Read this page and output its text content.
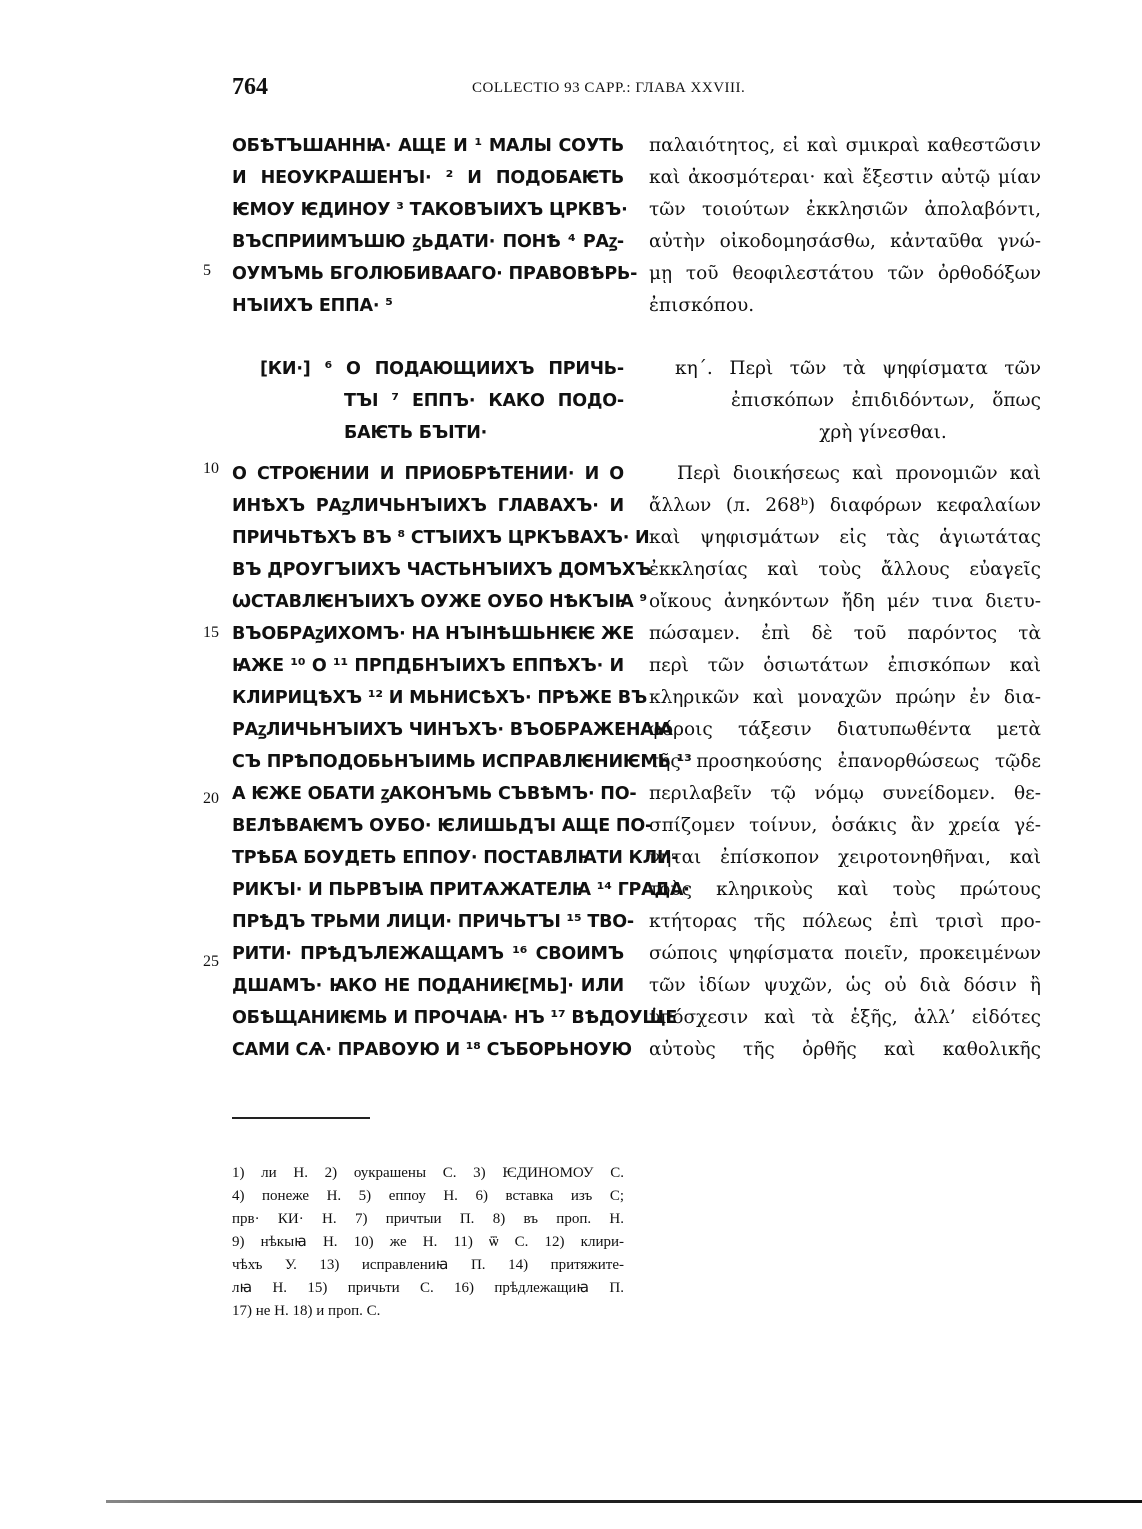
764	COLLECTIO 93 CAPP.: ГЛАВА XXVIII.
5
10
15
20
25
ОБѢТЪШАННꙖ· АЩЕ И ¹ МАЛЫ СОУТЬ
И НЕОУКРАШЕНЪІ· ² И ПОДОБАѤТЬ
ѤМОУ ѤДИНОУ ³ ТАКОВЪІИХЪ ЦРКВЪ·
ВЪСПРИИМЪШЮ ꙁЬДАТИ· ПОНѢ ⁴ РАꙁ-
ОУМЪМЬ БГОЛЮБИВААГО· ПРАВОВѢРЬ-
НЪІИХЪ ЕППА· ⁵
[КИ·] ⁶ О ПОДАЮЩИИХЪ ПРИЧЬ-
ТЪІ ⁷ ЕППЪ· КАКО ПОДО-
БАѤТЬ БЪІТИ·
О СТРОѤНИИ И ПРИОБРѢТЕНИИ· И О
ИНѢХЪ РАꙁЛИЧЬНЪІИХЪ ГЛАВАХЪ· И
ПРИЧЬТѢХЪ ВЪ ⁸ СТЪІИХЪ ЦРКЪВАХЪ· И
ВЪ ДРОУГЪІИХЪ ЧАСТЬНЪІИХЪ ДОМЪХЪ
ѠСТАВЛѤНЪІИХЪ ОУЖЕ ОУБО НѢКЪІꙖ ⁹
ВЪОБРАꙁИХОМЪ· НА НЪІНѢШЬНѤѤ ЖЕ
ꙖЖЕ ¹⁰ О ¹¹ ПРПДБНЪІИХЪ ЕППѢХЪ· И
КЛИРИЦѢХЪ ¹² И МЬНИСѢХЪ· ПРѢЖЕ ВЪ
РАꙁЛИЧЬНЪІИХЪ ЧИНЪХЪ· ВЪОБРАЖЕНАꙖ
СЪ ПРѢПОДОБЬНЪІИМЬ ИСПРАВЛѤНИѤМЬ ¹³
А ѤЖЕ ОБАТИ ꙁАКОНЪМЬ СЪВѢМЪ· ПО-
ВЕЛѢВАѤМЪ ОУБО· ѤЛИШЬДЪІ АЩЕ ПО-
ТРѢБА БОУДЕТЬ ЕППОУ· ПОСТАВЛꙖТИ КЛИ-
РИКЪІ· И ПЬРВЪІꙖ ПРИТѦЖАТЕЛꙖ ¹⁴ ГРАДА·
ПРѢДЪ ТРЬМИ ЛИЦИ· ПРИЧЬТЪІ ¹⁵ ТВО-
РИТИ· ПРѢДЪЛЕЖАЩАМЪ ¹⁶ СВОИМЪ
ДШАМЪ· ꙖКО НЕ ПОДАНИѤ[МЬ]· ИЛИ
ОБѢЩАНИѤМЬ И ПРОЧАꙖ· НЪ ¹⁷ ВѢДОУЩЕ
САМИ СѦ· ПРАВОУЮ И ¹⁸ СЪБОРЬНОУЮ
παλαιότητος, εἰ καὶ σμικραὶ καθεστῶσιν
καὶ ἀκοσμότεραι· καὶ ἔξεστιν αὐτῷ μίαν
τῶν τοιούτων ἐκκλησιῶν ἀπολαβόντι,
αὐτὴν οἰκοδομησάσθω, κἀνταῦθα γνώ-
μῃ τοῦ θεοφιλεστάτου τῶν ὀρθοδόξων
ἐπισκόπου.
κη΄. Περὶ τῶν τὰ ψηφίσματα τῶν
ἐπισκόπων ἐπιδιδόντων, ὅπως
χρὴ γίνεσθαι.
Περὶ διοικήσεως καὶ προνομιῶν καὶ
ἄλλων (л. 268ᵇ) διαφόρων κεφαλαίων
καὶ ψηφισμάτων εἰς τὰς ἁγιωτάτας
ἐκκλησίας καὶ τοὺς ἄλλους εὐαγεῖς
οἴκους ἀνηκόντων ἤδη μέν τινα διετυ-
πώσαμεν. ἐπὶ δὲ τοῦ παρόντος τὰ
περὶ τῶν ὁσιωτάτων ἐπισκόπων καὶ
κληρικῶν καὶ μοναχῶν πρώην ἐν δια-
φόροις τάξεσιν διατυπωθέντα μετὰ
τῆς προσηκούσης ἐπανορθώσεως τῷδε
περιλαβεῖν τῷ νόμῳ συνείδομεν. θε-
σπίζομεν τοίνυν, ὁσάκις ἂν χρεία γέ-
νηται ἐπίσκοπον χειροτονηθῆναι, καὶ
τοὺς κληρικοὺς καὶ τοὺς πρώτους
κτήτορας τῆς πόλεως ἐπὶ τρισὶ προ-
σώποις ψηφίσματα ποιεῖν, προκειμένων
τῶν ἰδίων ψυχῶν, ὡς οὐ διὰ δόσιν ἢ
ὑπόσχεσιν καὶ τὰ ἑξῆς, ἀλλ’ εἰδότες
αὐτοὺς τῆς ὀρθῆς καὶ καθολικῆς
1) ли H. 2) оукрашены C. 3) ѤДИНОМОУ C.
4) понеже H. 5) еппоу H. 6) вставка изъ C;
прв· КИ· H. 7) причтыи П. 8) въ проп. H.
9) нѣкыꙗ H. 10) же H. 11) ѿ C. 12) клири-
чѣхъ У. 13) исправлениꙗ П. 14) притяжите-
лꙗ H. 15) причьти C. 16) прѣдлежащиꙗ П.
17) не H. 18) и проп. C.
